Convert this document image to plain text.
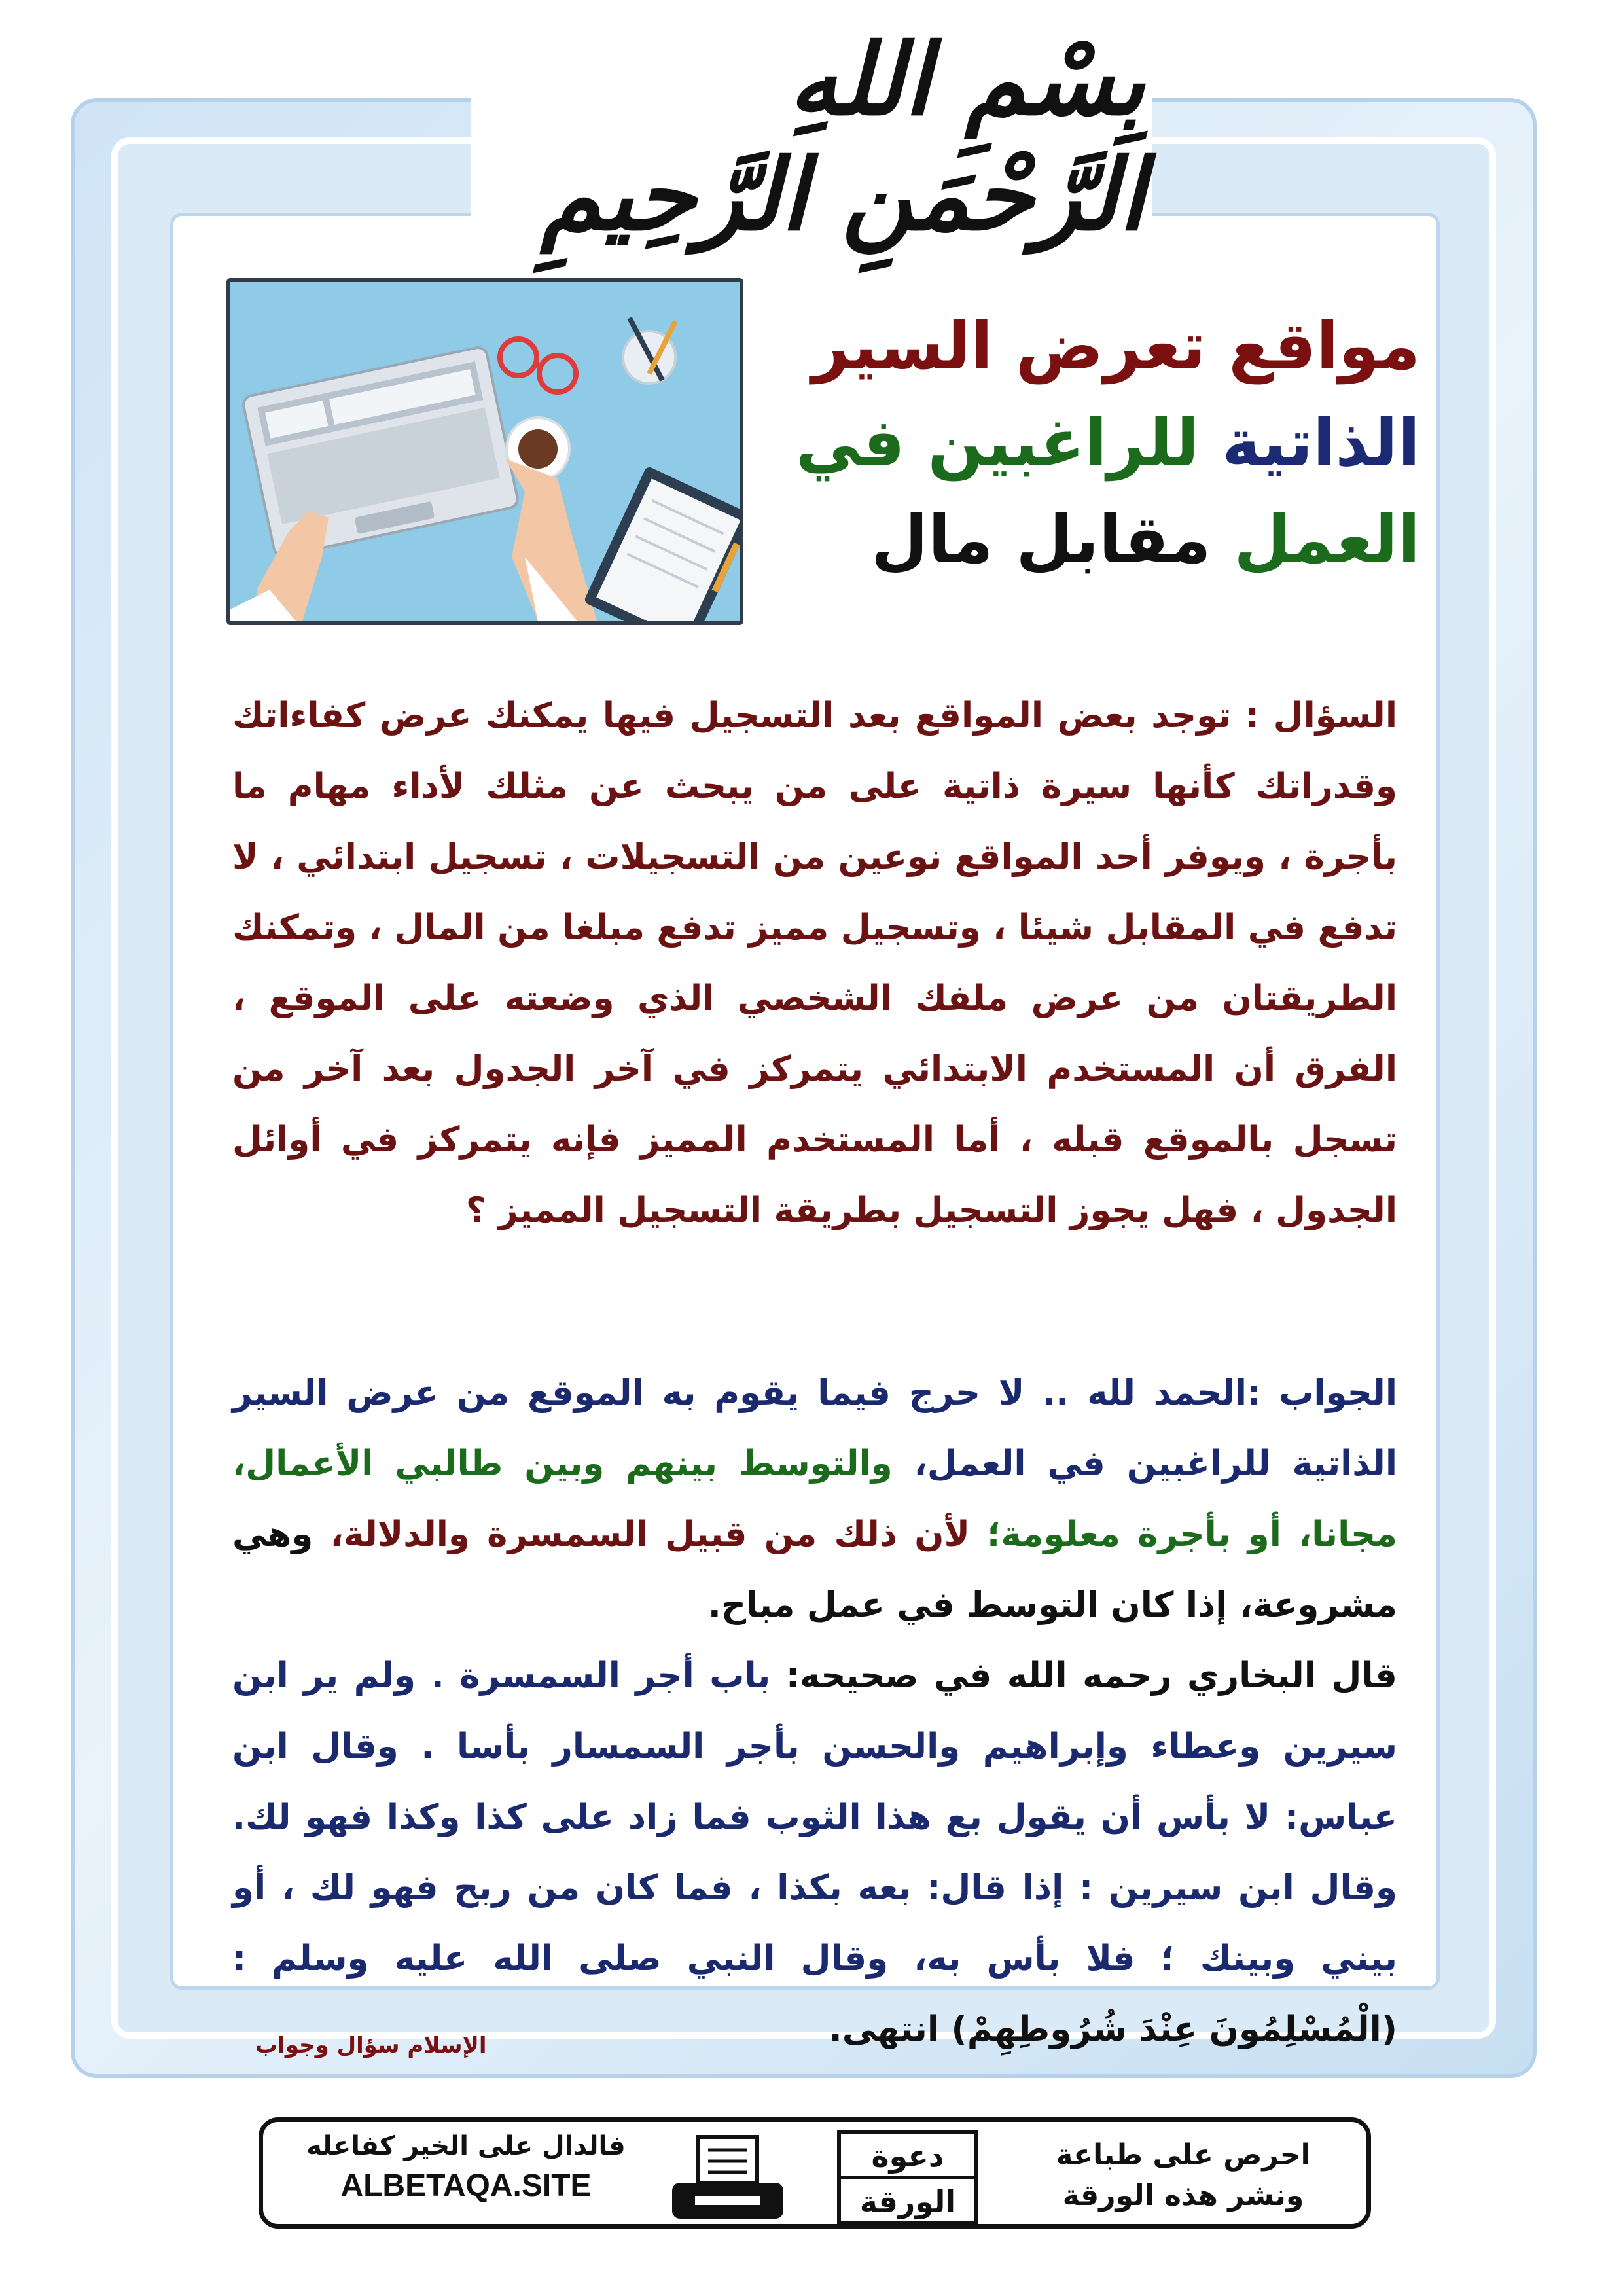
بِسْمِ اللهِ الرَّحْمَنِ الرَّحِيمِ
مواقع تعرض السير
الذاتية للراغبين في
العمل مقابل مال
السؤال : توجد بعض المواقع بعد التسجيل فيها يمكنك عرض كفاءاتك وقدراتك كأنها سيرة ذاتية على من يبحث عن مثلك لأداء مهام ما بأجرة ، ويوفر أحد المواقع نوعين من التسجيلات ، تسجيل ابتدائي ، لا تدفع في المقابل شيئا ، وتسجيل مميز تدفع مبلغا من المال ، وتمكنك الطريقتان من عرض ملفك الشخصي الذي وضعته على الموقع ، الفرق أن المستخدم الابتدائي يتمركز في آخر الجدول بعد آخر من تسجل بالموقع قبله ، أما المستخدم المميز فإنه يتمركز في أوائل الجدول ، فهل يجوز التسجيل بطريقة التسجيل المميز ؟
الجواب :الحمد لله .. لا حرج فيما يقوم به الموقع من عرض السير الذاتية للراغبين في العمل، والتوسط بينهم وبين طالبي الأعمال، مجانا، أو بأجرة معلومة؛ لأن ذلك من قبيل السمسرة والدلالة، وهي مشروعة، إذا كان التوسط في عمل مباح.
قال البخاري رحمه الله في صحيحه: باب أجر السمسرة . ولم ير ابن سيرين وعطاء وإبراهيم والحسن بأجر السمسار بأسا . وقال ابن عباس: لا بأس أن يقول بع هذا الثوب فما زاد على كذا وكذا فهو لك. وقال ابن سيرين : إذا قال: بعه بكذا ، فما كان من ربح فهو لك ، أو بيني وبينك ؛ فلا بأس به، وقال النبي صلى الله عليه وسلم : (الْمُسْلِمُونَ عِنْدَ شُرُوطِهِمْ) انتهى.
الإسلام سؤال وجواب
فالدال على الخير كفاعله
ALBETAQA.SITE
دعوة
الورقة
احرص على طباعة
ونشر هذه الورقة
